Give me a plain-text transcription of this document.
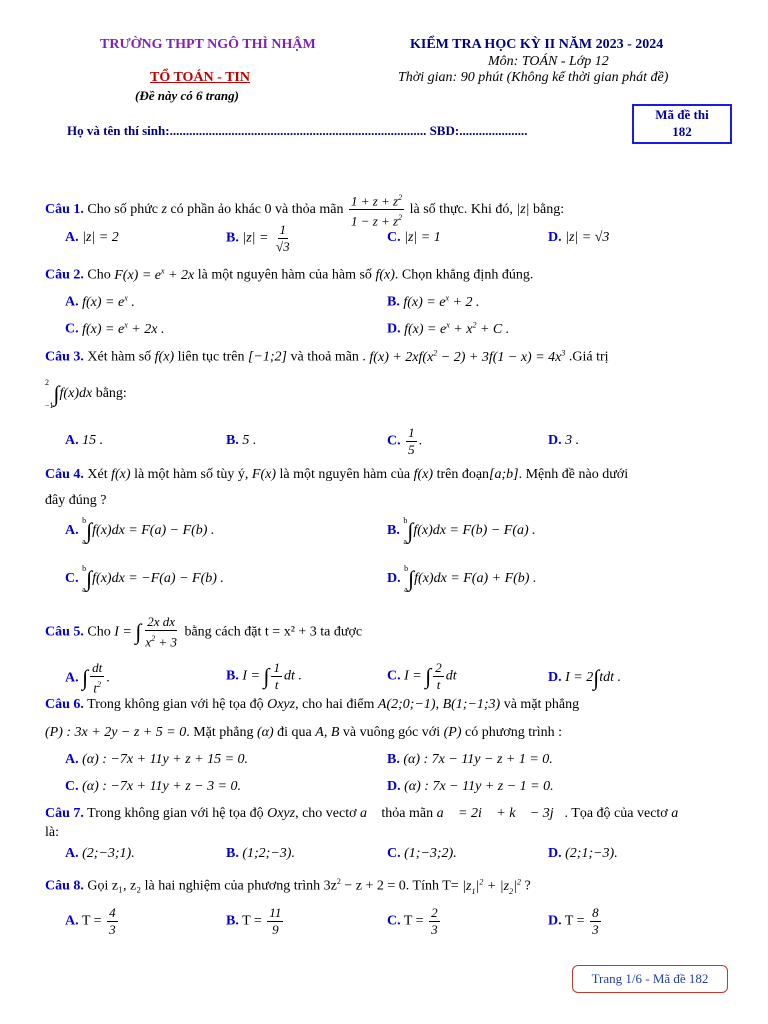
TRƯỜNG THPT NGÔ THÌ NHẬM
TỔ TOÁN - TIN
(Đề này có 6 trang)
KIỂM TRA HỌC KỲ II NĂM 2023 - 2024
Môn: TOÁN - Lớp 12
Thời gian: 90 phút (Không kể thời gian phát đề)
Họ và tên thí sinh:............................................................................... SBD:.....................
Mã đề thi
182
Câu 1. Cho số phức z có phần ảo khác 0 và thỏa mãn $\frac{1 + z + z^2}{1 - z + z^2}$ là số thực. Khi đó, |z| bằng:
A. |z| = 2	B. $|z| = \frac{1}{√3}$	C. |z| = 1	D. |z| = √3
Câu 2. Cho $F(x) = e^x + 2x$ là một nguyên hàm của hàm số f(x). Chọn khẳng định đúng.
A. $f(x) = e^x$ .	B. $f(x) = e^x + 2$ .
C. $f(x) = e^x + 2x$ .	D. $f(x) = e^x + x^2 + C$ .
Câu 3. Xét hàm số f(x) liên tục trên [−1;2] và thoả mãn . $f(x) + 2xf(x^2 - 2) + 3f(1 - x) = 4x^3$ .Giá trị
2
−1 ∫f(x)dx bằng:
A. 15 .	B. 5 .	C. $\frac{1}{5}$ .	D. 3 .
Câu 4. Xét f(x) là một hàm số tùy ý, F(x) là một nguyên hàm của f(x) trên đoạn[a;b]. Mệnh đề nào dưới
đây đúng ?
A.
b
a ∫f(x)dx = F(a) − F(b) .	B.
b
a ∫f(x)dx = F(b) − F(a) .
C.
b
a ∫f(x)dx = −F(a) − F(b) .	D.
b
a ∫f(x)dx = F(a) + F(b) .
Câu 5. Cho I = ∫ $\frac{\text{2x dx}}{x^2 + 3}$ bằng cách đặt t = x² + 3 ta được
A. ∫ $\frac{dt}{t^2}$ .	B. I = ∫ $\frac{1}{t}$ dt .	C. I = ∫ $\frac{2}{t}$ dt	D. I = 2∫tdt .
Câu 6. Trong không gian với hệ tọa độ Oxyz, cho hai điểm A(2;0;−1), B(1;−1;3) và mặt phẳng
(P) : 3x + 2y − z + 5 = 0. Mặt phẳng (α) đi qua A, B và vuông góc với (P) có phương trình :
A. (α) : −7x + 11y + z + 15 = 0.	B. (α) : 7x − 11y − z + 1 = 0.
C. (α) : −7x + 11y + z − 3 = 0.	D. (α) : 7x − 11y + z − 1 = 0.
Câu 7. Trong không gian với hệ tọa độ Oxyz, cho vectơ a⃗ thỏa mãn a⃗ = 2i⃗ + k⃗ − 3j⃗. Tọa độ của vectơ a⃗
là:
A. (2;−3;1).	B. (1;2;−3).	C. (1;−3;2).	D. (2;1;−3).
Câu 8. Gọi z₁, z₂ là hai nghiệm của phương trình $3z^2 - z + 2 = 0$. Tính $T= |z_1|^2 + |z_2|^2$ ?
A. $T = \frac{4}{3}$	B. $T = \frac{11}{9}$	C. $T = \frac{2}{3}$	D. $T = \frac{8}{3}$
Trang 1/6 - Mã đề 182
